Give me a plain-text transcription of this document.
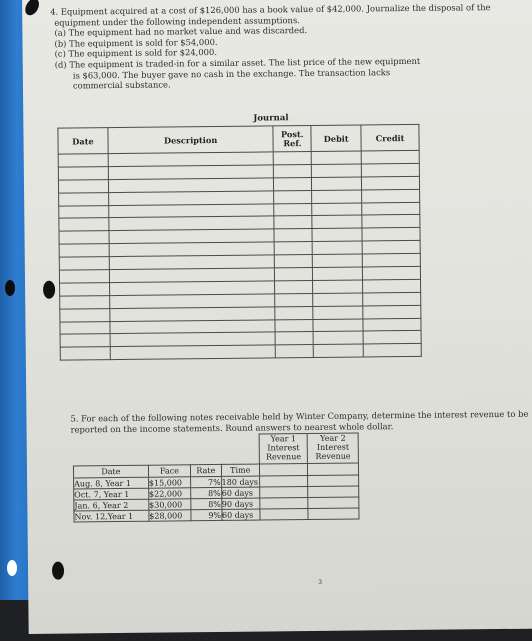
4. Equipment acquired at a cost of $126,000 has a book value of $42,000. Journalize the disposal of the

equipment under the following independent assumptions.

(a) The equipment had no market value and was discarded.

(b) The equipment is sold for $54,000.

(c) The equipment is sold for $24,000.

(d) The equipment is traded-in for a similar asset. The list price of the new equipment

is $63,000. The buyer gave no cash in the exchange. The transaction lacks

commercial substance.

Journal
Date	Description	Post.
Ref.	Debit	Credit

5. For each of the following notes receivable held by Winter Company, determine the interest revenue to be

reported on the income statements. Round answers to nearest whole dollar.

				Year 1
Interest
Revenue	Year 2
Interest
Revenue
Date	Face	Rate	Time		
Aug. 8, Year 1	$15,000	7%	180 days		
Oct. 7, Year 1	$22,000	8%	60 days		
Jan. 6, Year 2	$30,000	8%	90 days		
Nov. 12,Year 1	$28,000	9%	60 days		
3
